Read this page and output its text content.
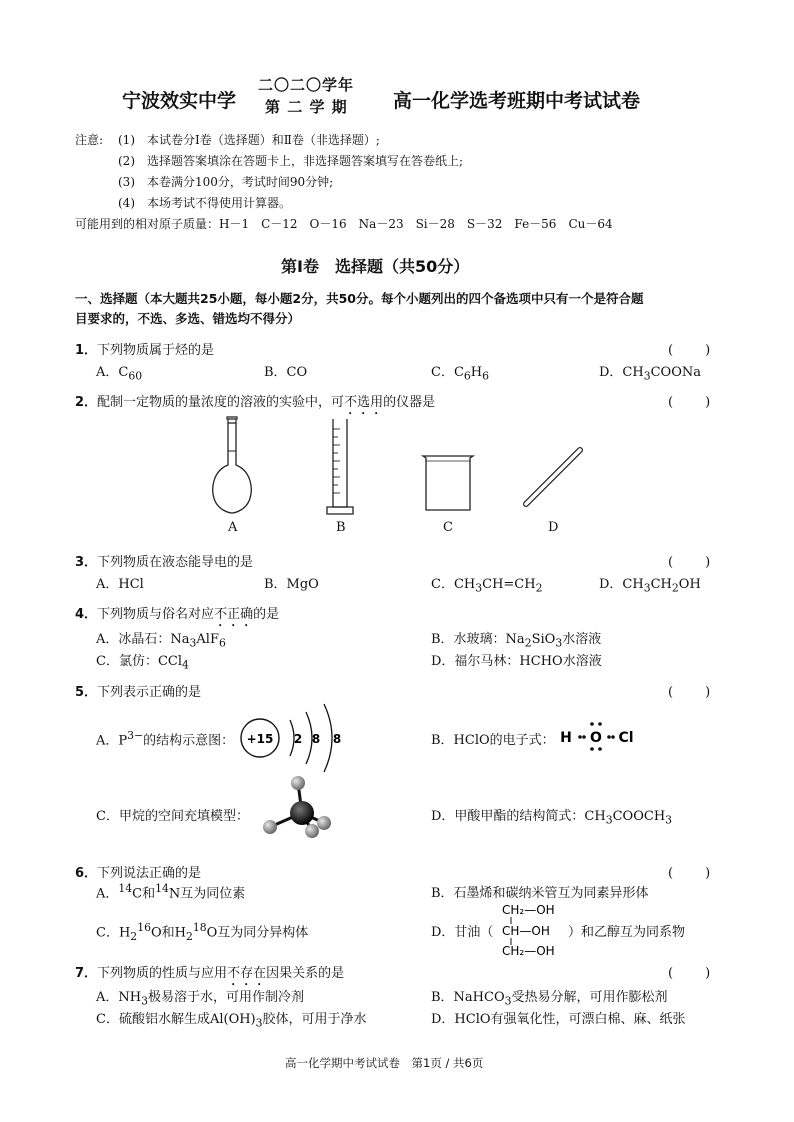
宁波效实中学
二〇二〇学年
第 二 学 期 高一化学选考班期中考试试卷
注意: (1)　本试卷分Ⅰ卷（选择题）和Ⅱ卷（非选择题）;
(2)　选择题答案填涂在答题卡上，非选择题答案填写在答卷纸上;
(3)　本卷满分100分，考试时间90分钟;
(4)　本场考试不得使用计算器。
可能用到的相对原子质量：H－1　C－12　O－16　Na－23　Si－28　S－32　Fe－56　Cu－64
第Ⅰ卷　选择题（共50分）
一、选择题（本大题共25小题，每小题2分，共50分。每个小题列出的四个备选项中只有一个是符合题
目要求的，不选、多选、错选均不得分）
1．下列物质属于烃的是	(　　)
A．$C_{60}$	B．CO	C．$C_6H_6$	D．$CH_3COONa$
2．配制一定物质的量浓度的溶液的实验中，可不选用的仪器是	(　　)
A	B	C	D
3．下列物质在液态能导电的是	(　　)
A．HCl	B．MgO	C．$CH_3CH=CH_2$	D．$CH_3CH_2OH$
4．下列物质与俗名对应不正确的是
A．冰晶石：$Na_3AlF_6$	B．水玻璃：$Na_2SiO_3$水溶液
C．氯仿：CCl$_4$	D．福尔马林：HCHO水溶液
5．下列表示正确的是	(　　)
A．$P^{3-}$的结构示意图： +15 2 8 8	B．HClO的电子式： H O Cl
C．甲烷的空间充填模型：	D．甲酸甲酯的结构简式：$CH_3COOCH_3$
6．下列说法正确的是	(　　)
A．$^{14}$C和$^{14}$N互为同位素	B．石墨烯和碳纳米管互为同素异形体
C．$H_2^{16}O$和$H_2^{18}O$互为同分异构体	D．甘油（
CH₂—OH
CH—OH
CH₂—OH
）和乙醇互为同系物
7．下列物质的性质与应用不存在因果关系的是	(　　)
A．$NH_3$极易溶于水，可用作制冷剂	B．NaHCO$_3$受热易分解，可用作膨松剂
C．硫酸铝水解生成$Al(OH)_3$胶体，可用于净水	D．HClO有强氧化性，可漂白棉、麻、纸张
高一化学期中考试试卷　第1页 / 共6页
